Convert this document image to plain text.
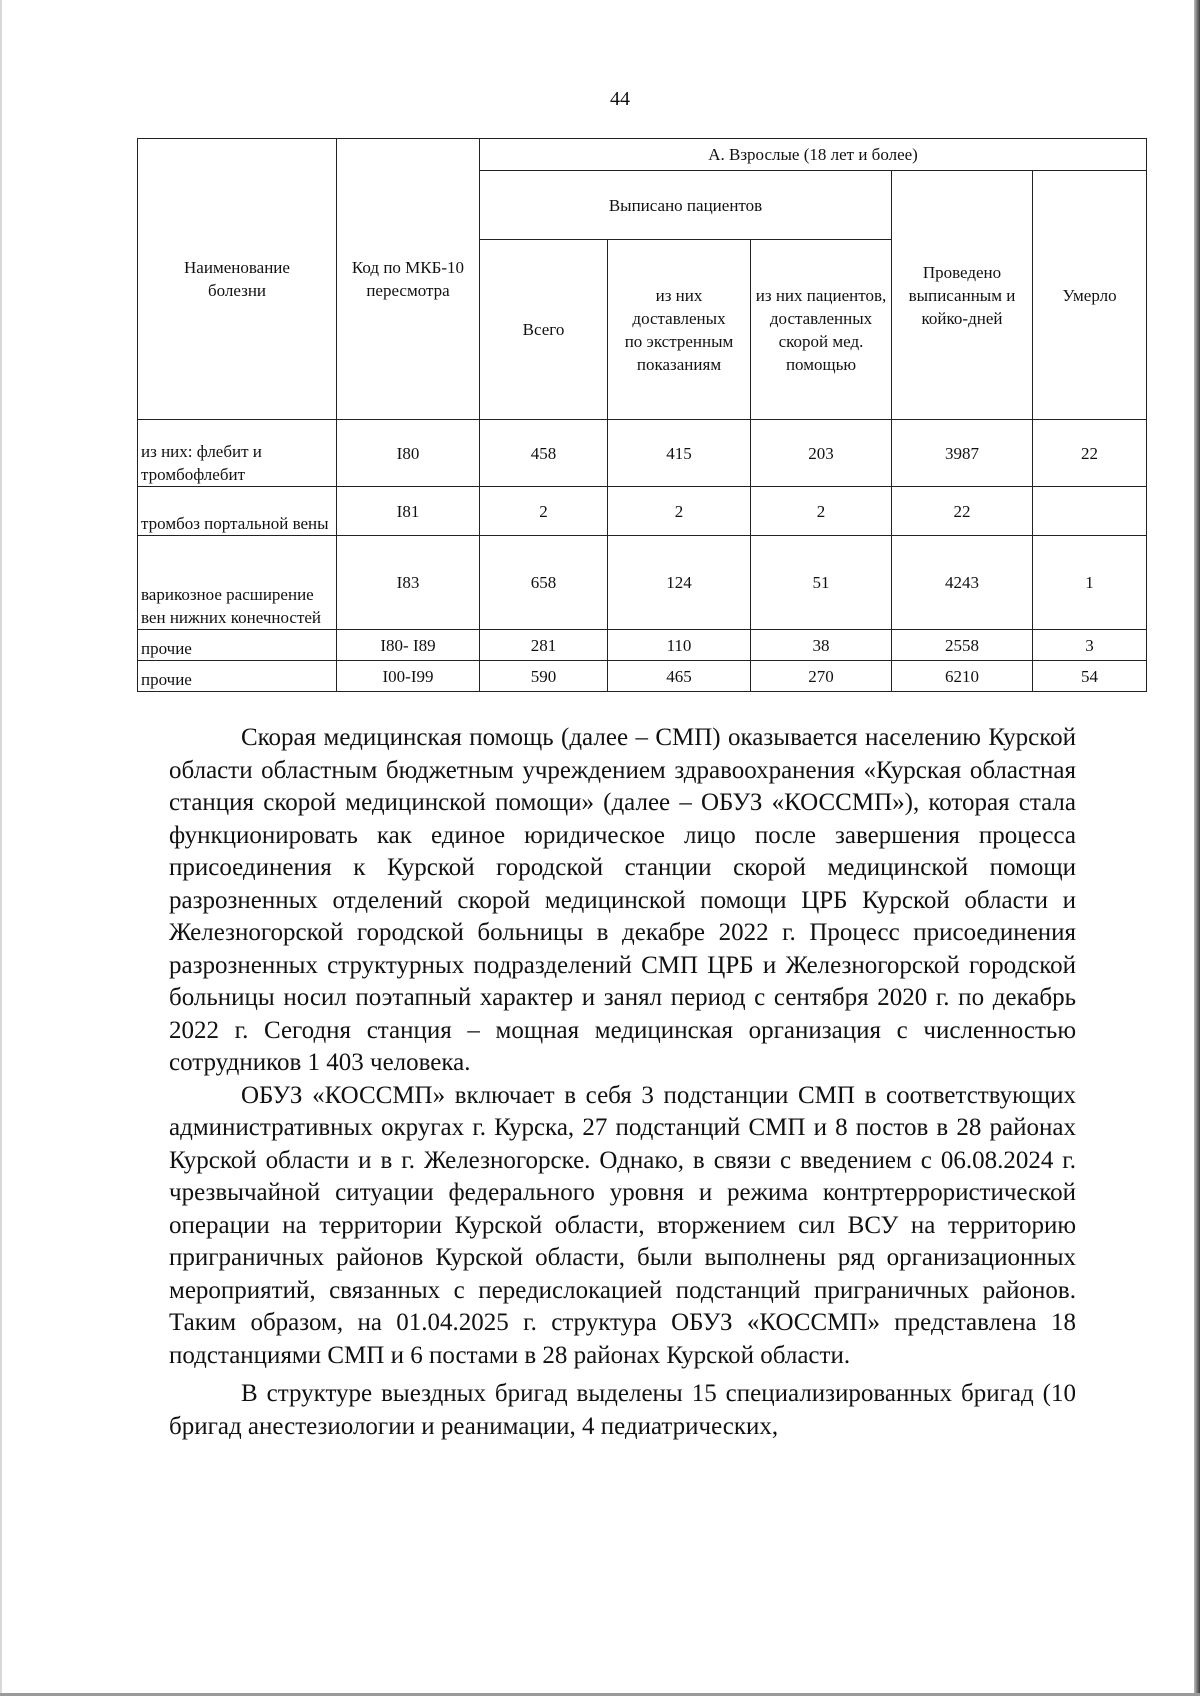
44
Наименование болезни	Код по МКБ-10 пересмотра	А. Взрослые (18 лет и более)				
		Выписано пациентов			Проведено выписанным и койко-дней	Умерло
		Всего	из них доставленых по экстренным показаниям	из них пациентов, доставленных скорой мед. помощью		
из них: флебит и тромбофлебит	I80	458	415	203	3987	22
тромбоз портальной вены	I81	2	2	2	22	
варикозное расширение вен нижних конечностей	I83	658	124	51	4243	1
прочие	I80- I89	281	110	38	2558	3
прочие	I00-I99	590	465	270	6210	54

Скорая медицинская помощь (далее – СМП) оказывается населению Курской области областным бюджетным учреждением здравоохранения «Курская областная станция скорой медицинской помощи» (далее – ОБУЗ «КОССМП»), которая стала функционировать как единое юридическое лицо после завершения процесса присоединения к Курской городской станции скорой медицинской помощи разрозненных отделений скорой медицинской помощи ЦРБ Курской области и Железногорской городской больницы в декабре 2022 г. Процесс присоединения разрозненных структурных подразделений СМП ЦРБ и Железногорской городской больницы носил поэтапный характер и занял период с сентября 2020 г. по декабрь 2022 г. Сегодня станция – мощная медицинская организация с численностью сотрудников 1 403 человека.

ОБУЗ «КОССМП» включает в себя 3 подстанции СМП в соответствующих административных округах г. Курска, 27 подстанций СМП и 8 постов в 28 районах Курской области и в г. Железногорске. Однако, в связи с введением с 06.08.2024 г. чрезвычайной ситуации федерального уровня и режима контртеррористической операции на территории Курской области, вторжением сил ВСУ на территорию приграничных районов Курской области, были выполнены ряд организационных мероприятий, связанных с передислокацией подстанций приграничных районов. Таким образом, на 01.04.2025 г. структура ОБУЗ «КОССМП» представлена 18 подстанциями СМП и 6 постами в 28 районах Курской области.

В структуре выездных бригад выделены 15 специализированных бригад (10 бригад анестезиологии и реанимации, 4 педиатрических,
